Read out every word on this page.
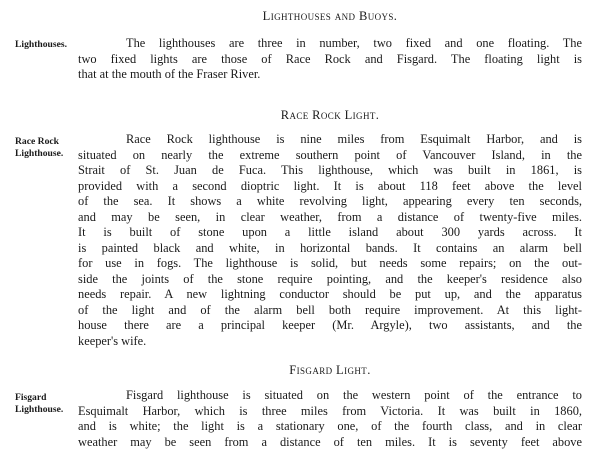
Lighthouses and Buoys.
Lighthouses.	The lighthouses are three in number, two fixed and one floating. The
two fixed lights are those of Race Rock and Fisgard. The floating light is
that at the mouth of the Fraser River.
Race Rock Light.
Race Rock Lighthouse.
Race Rock lighthouse is nine miles from Esquimalt Harbor, and is
situated on nearly the extreme southern point of Vancouver Island, in the
Strait of St. Juan de Fuca. This lighthouse, which was built in 1861, is
provided with a second dioptric light. It is about 118 feet above the level
of the sea. It shows a white revolving light, appearing every ten seconds,
and may be seen, in clear weather, from a distance of twenty-five miles.
It is built of stone upon a little island about 300 yards across. It
is painted black and white, in horizontal bands. It contains an alarm bell
for use in fogs. The lighthouse is solid, but needs some repairs; on the out-
side the joints of the stone require pointing, and the keeper's residence also
needs repair. A new lightning conductor should be put up, and the apparatus
of the light and of the alarm bell both require improvement. At this light-
house there are a principal keeper (Mr. Argyle), two assistants, and the
keeper's wife.
Fisgard Light.
Fisgard Lighthouse.
Fisgard lighthouse is situated on the western point of the entrance to
Esquimalt Harbor, which is three miles from Victoria. It was built in 1860,
and is white; the light is a stationary one, of the fourth class, and in clear
weather may be seen from a distance of ten miles. It is seventy feet above
